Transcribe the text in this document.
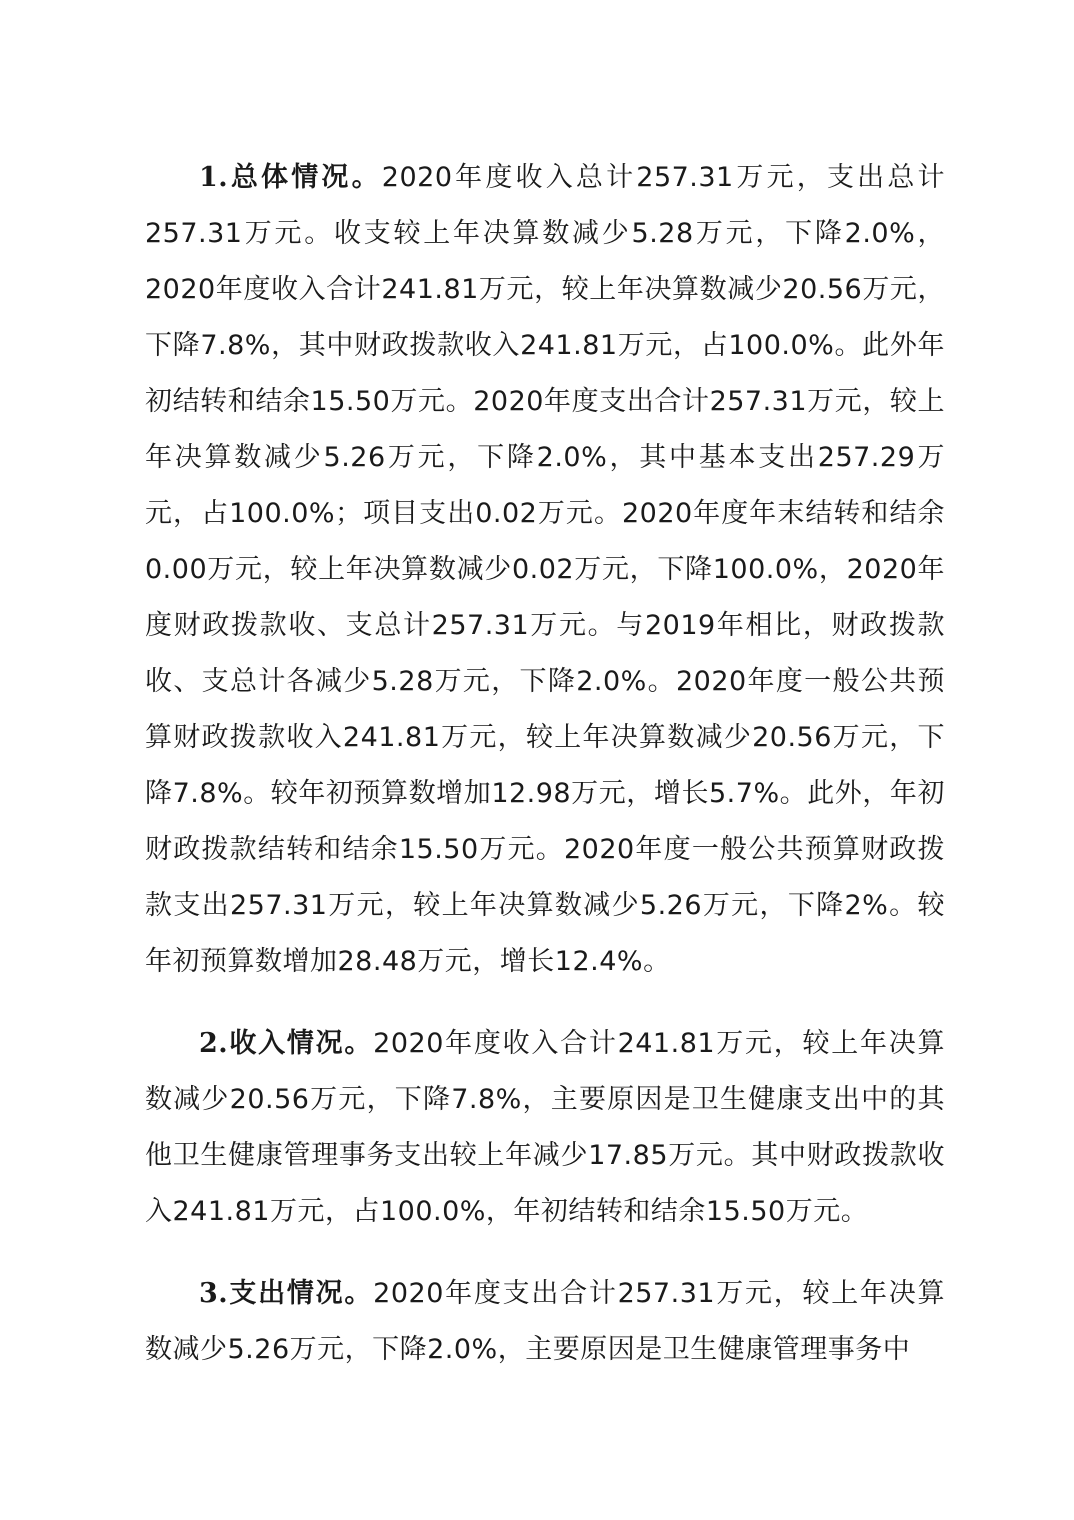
1.总体情况。2020年度收入总计257.31万元，支出总计257.31万元。收支较上年决算数减少5.28万元，下降2.0%，2020年度收入合计241.81万元，较上年决算数减少20.56万元，下降7.8%，其中财政拨款收入241.81万元，占100.0%。此外年初结转和结余15.50万元。2020年度支出合计257.31万元，较上年决算数减少5.26万元，下降2.0%，其中基本支出257.29万元，占100.0%；项目支出0.02万元。2020年度年末结转和结余0.00万元，较上年决算数减少0.02万元，下降100.0%，2020年度财政拨款收、支总计257.31万元。与2019年相比，财政拨款收、支总计各减少5.28万元，下降2.0%。2020年度一般公共预算财政拨款收入241.81万元，较上年决算数减少20.56万元，下降7.8%。较年初预算数增加12.98万元，增长5.7%。此外，年初财政拨款结转和结余15.50万元。2020年度一般公共预算财政拨款支出257.31万元，较上年决算数减少5.26万元，下降2%。较年初预算数增加28.48万元，增长12.4%。

2.收入情况。2020年度收入合计241.81万元，较上年决算数减少20.56万元，下降7.8%，主要原因是卫生健康支出中的其他卫生健康管理事务支出较上年减少17.85万元。其中财政拨款收入241.81万元，占100.0%，年初结转和结余15.50万元。

3.支出情况。2020年度支出合计257.31万元，较上年决算数减少5.26万元，下降2.0%，主要原因是卫生健康管理事务中
